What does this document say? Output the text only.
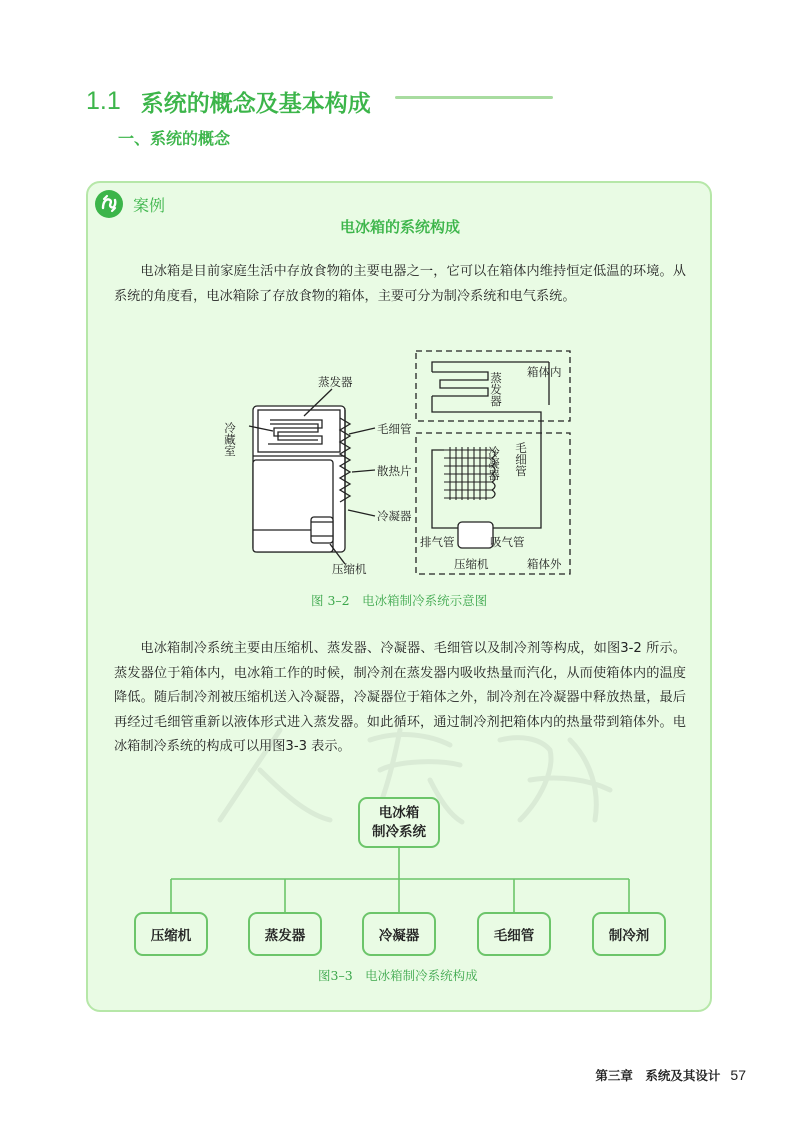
1.1 系统的概念及基本构成
一、系统的概念
案例
电冰箱的系统构成
电冰箱是目前家庭生活中存放食物的主要电器之一，它可以在箱体内维持恒定低温的环境。从系统的角度看，电冰箱除了存放食物的箱体，主要可分为制冷系统和电气系统。
蒸发器
冷藏室	毛细管
散热片
冷凝器
压缩机
蒸发器 箱体内
毛细管
冷凝器
排气管	吸气管
压缩机	箱体外
图 3–2　电冰箱制冷系统示意图
电冰箱制冷系统主要由压缩机、蒸发器、冷凝器、毛细管以及制冷剂等构成，如图3-2 所示。蒸发器位于箱体内，电冰箱工作的时候，制冷剂在蒸发器内吸收热量而汽化，从而使箱体内的温度降低。随后制冷剂被压缩机送入冷凝器，冷凝器位于箱体之外，制冷剂在冷凝器中释放热量，最后再经过毛细管重新以液体形式进入蒸发器。如此循环，通过制冷剂把箱体内的热量带到箱体外。电冰箱制冷系统的构成可以用图3-3 表示。
电冰箱
制冷系统
压缩机	蒸发器	冷凝器	毛细管	制冷剂
图3–3　电冰箱制冷系统构成
第三章　系统及其设计 57
